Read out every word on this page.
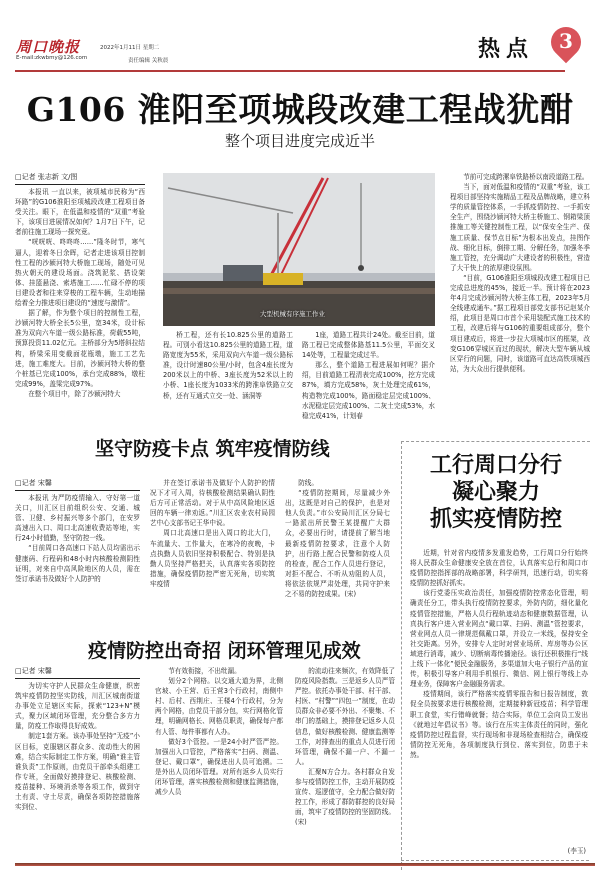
周口晚报
E-mail:zkwbmy@126.com
2022年1月11日 星期二
责任编辑 关秋晨	热点	3
G106 淮阳至项城段改建工程战犹酣
整个项目进度完成近半
□记者 张志新 文/图

本报讯 一直以来，被项城市民称为“西环路”的G106淮阳至项城段改建工程项目备受关注。眼下，在低温和疫情的“双重”考验下，该项目进展情况如何？1月7日下午，记者前往施工现场一探究竟。

“咣咣咣、咚咚咚……”隆冬时节，寒气逼人，迎着冬日余晖，记者走进该项目控制性工程的沙颍河特大桥施工现场，随处可见热火朝天的建设场面。浇筑泥浆、搭设架体、挂篮悬浇、索塔施工……忙碌不停的项目建设者和往来穿梭的工程车辆，生动地描绘着全力推进项目建设的“速度与激情”。

据了解，作为整个项目的控制性工程，沙颍河特大桥全长5公里，宽34米，设计标准为双向六车道一级公路标准，荷载55吨，预算投资11.02亿元。主桥部分为5塔斜拉结构，桥梁采用变截面花瓶墩，施工工艺先进，施工难度大。目前，沙颍河特大桥的整个桩基已完成100%，承台完成88%，墩柱完成99%，盖梁完成97%。

在整个项目中，除了沙颍河特大

大型机械有序施工作业

桥工程，还有长10.825公里的道路工程。可别小看这10.825公里的道路工程，道路宽度为55米，采用双向六车道一级公路标准，设计时速80公里/小时，包含4座长度为200米以上的中桥、3座长度为52米以上的小桥、1座长度为1033米的跨淮阜铁路立交桥，还有互通式立交一处、涵洞等

1座，道路工程共计24处。截至目前，道路工程已完成整体路基11.5公里，平面交叉14处等，工程量完成过半。

那么，整个道路工程进展如何呢？据介绍，目前道路工程清表完成100%，挖方完成87%，填方完成58%，灰土处理完成61%，构造物完成100%，路面稳定层完成100%、水泥稳定层完成100%、二灰土完成53%，水稳完成41%，计划春

节前可完成跨漯阜铁路桥以南段道路工程。

当下，面对低温和疫情的“双重”考验，该工程项目部坚持实施精品工程及品牌战略，建立科学的质量管控体系，一手抓疫情防控、一手抓安全生产，围绕沙颍河特大桥主桥施工、钢箱梁顶推施工等关键控制性工程，以“保安全生产、保施工质量、保节点目标”为根本出发点，挂图作战、细化目标，倒排工期、分解任务，加强冬季施工管控，充分调动广大建设者的积极性，营造了大干快上的浓厚建设氛围。

“目前，G106淮阳至项城段改建工程项目已完成总进度的45%，接近一半。预计将在2023年4月完成沙颍河特大桥主体工程，2023年5月全线建成通车。”据工程项目部党支部书记赵某介绍，此项目是周口市首个采用装配式施工技术的工程，改建后将与G106的重要组成部分，整个项目建成后，将进一步拉大项城市区的框架，改变G106穿城区而过的现状，解决大型车辆从城区穿行的问题，同时，该道路可直达高铁项城西站，为大众出行提供便利。

坚守防疫卡点 筑牢疫情防线
□记者 宋馨

本报讯 为严防疫情输入、守好第一道关口，川汇区目前组织公安、交通、城管、卫健、乡村振兴等多个部门，在安罗高速出入口、周口北高速收费站等地，实行24小时值勤，坚守防控一线。

“目前周口各高速口下站人员均需出示健康码、行程码和48小时内核酸检测阴性证明，对来自中高风险地区的人员，需在签订承诺书及做好个人防护的

并在签订承诺书及做好个人防护的情况下才可入周，待核酸检测结果确认阴性后方可正常活动。对于从中高风险地区返回的车辆一律劝返。”川汇区农业农村局园艺中心支部书记王华中说。

周口北高速口是出入周口的北大门，车流量大、工作量大，在寒冷的夜晚，卡点执勤人员依旧坚持积极配合、特别是执勤人员坚持严格把关，认真落实各项防控措施，确保疫情防控严密无死角，切实筑牢疫情

防线。

“疫情防控期间，尽量减少外出，这既是对自己的保护，也是对他人负责。”市公安局川汇区分局七一路派出所民警王某提醒广大群众，必要出行时，请提前了解当地最新疫情防控要求，注意个人防护，出行路上配合民警和防疫人员的检查，配合工作人员进行登记，对拒不配合、不听从劝阻的人员，将依法依规严肃处理，共同守护来之不易的防控成果。(宋)

疫情防控出奇招 闭环管理见成效
□记者 宋馨

为切实守护人民群众生命健康，织密筑牢疫情防控坚实防线，川汇区城南街道办事处立足辖区实际，探索“123+N”模式，聚力区域闭环管理，充分整合多方力量，防疫工作取得良好成效。

制定1套方案。该办事处坚持“无疫”小区目标，克服辖区群众多、流动性大的困难，结合实际制定工作方案，明确“谁主管谁负责”工作原则，由党员干部牵头组建工作专班，全面做好摸排登记、核酸检测、疫苗接种、环境消杀等各项工作，做到守土有责、守土尽责，确保各项防控措施落实到位、

节有效衔接，不出纰漏。

划分2个网格。以交通大道为界，北侧官坡、小王营、后王营3个行政村，南侧中村、后村、西荆庄、王楼4个行政村，分为两个网格，由党员干部分包，实行网格化管理，明确网格长、网格员职责，确保每户都有人管、每件事都有人办。

做好3个管控。一是24小时严管严控。加强出入口管控，严格落实“扫码、测温、登记、戴口罩”，确保进出人员可追溯。二是外出人员闭环管理。对所有返乡人员实行闭环管理，落实核酸检测和健康监测措施，减少人员

的流动往来频次，有效降低了防疫风险指数。三是返乡人员严管严控。依托办事处干部、村干部、村医、“村警”“四包一”制度，在动员群众非必要不外出、不聚集、不串门的基础上，摸排登记返乡人员信息，做好核酸检测、健康监测等工作，对排查出的重点人员进行闭环管理，确保不漏一户、不漏一人。

汇聚N方合力。各村群众自发参与疫情防控工作，主动开展防疫宣传、巡逻值守，全力配合做好防控工作，形成了群防群控的良好局面，筑牢了疫情防控的坚固防线。(宋)

工行周口分行
凝心聚力
抓实疫情防控

近期，针对省内疫情多发重发趋势，工行周口分行始终将人民群众生命健康安全放在首位，认真落实总行和周口市疫情防控指挥部的战略部署，科学研判，迅速行动，切实将疫情防控抓好抓实。

该行党委压实政治责任，加强疫情防控常态化管理，明确责任分工，带头执行疫情防控要求，外防内防，细化量化疫情管控措施，严格人员行程轨迹动态和健康数据管理，认真执行客户进入营业网点“戴口罩、扫码、测温”管控要求，营业网点人员一律规范佩戴口罩，并设立一米线，保持安全社交距离。另外，安排专人定时对营业场所、库房等办公区域进行消毒，减少、切断病毒传播途径。该行还积极推行“线上线下一体化”便民金融服务，多渠道加大电子银行产品的宣传，积极引导客户利用手机银行、微信、网上银行等线上办理业务，保障客户金融服务需求。

疫情期间，该行严格落实疫情零报告和日报告制度，敦促全员按要求进行核酸检测，定期接种新冠疫苗；科学管理职工食堂，实行错峰就餐；结合实际，单位工会向员工发出《就地过年倡议书》等。该行在压实主体责任的同时，强化疫情防控过程监督，实行现场和非现场检查相结合，确保疫情防控无死角，各项制度执行到位、落实到位，防患于未然。

(李玉)
